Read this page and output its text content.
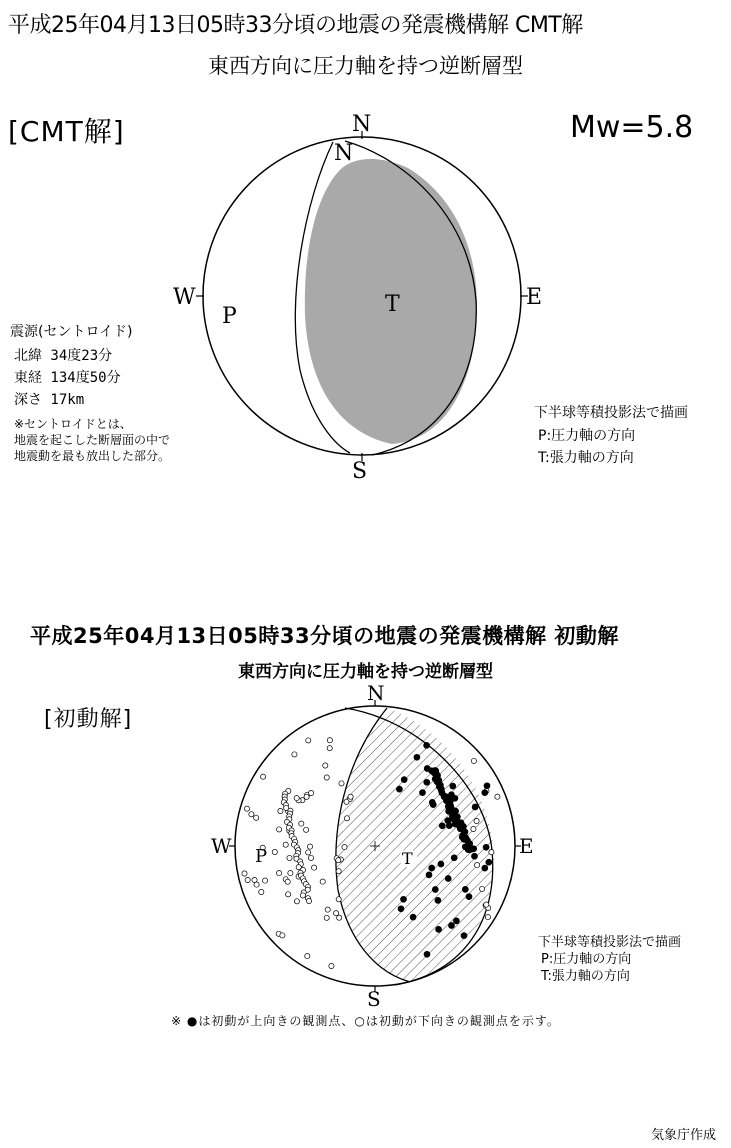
平成25年04月13日05時33分頃の地震の発震機構解 CMT解
東西方向に圧力軸を持つ逆断層型
[CMT解]	Mw=5.8
N
N
S
W	E
P	T
震源(セントロイド)
北緯 34度23分
東経 134度50分
深さ 17km
※セントロイドとは、
地震を起こした断層面の中で
地震動を最も放出した部分。
下半球等積投影法で描画
P:圧力軸の方向
T:張力軸の方向
平成25年04月13日05時33分頃の地震の発震機構解 初動解
東西方向に圧力軸を持つ逆断層型
[初動解]
N
S
W	E
P	T
下半球等積投影法で描画
P:圧力軸の方向
T:張力軸の方向
※ ●は初動が上向きの観測点、○は初動が下向きの観測点を示す。
気象庁作成
